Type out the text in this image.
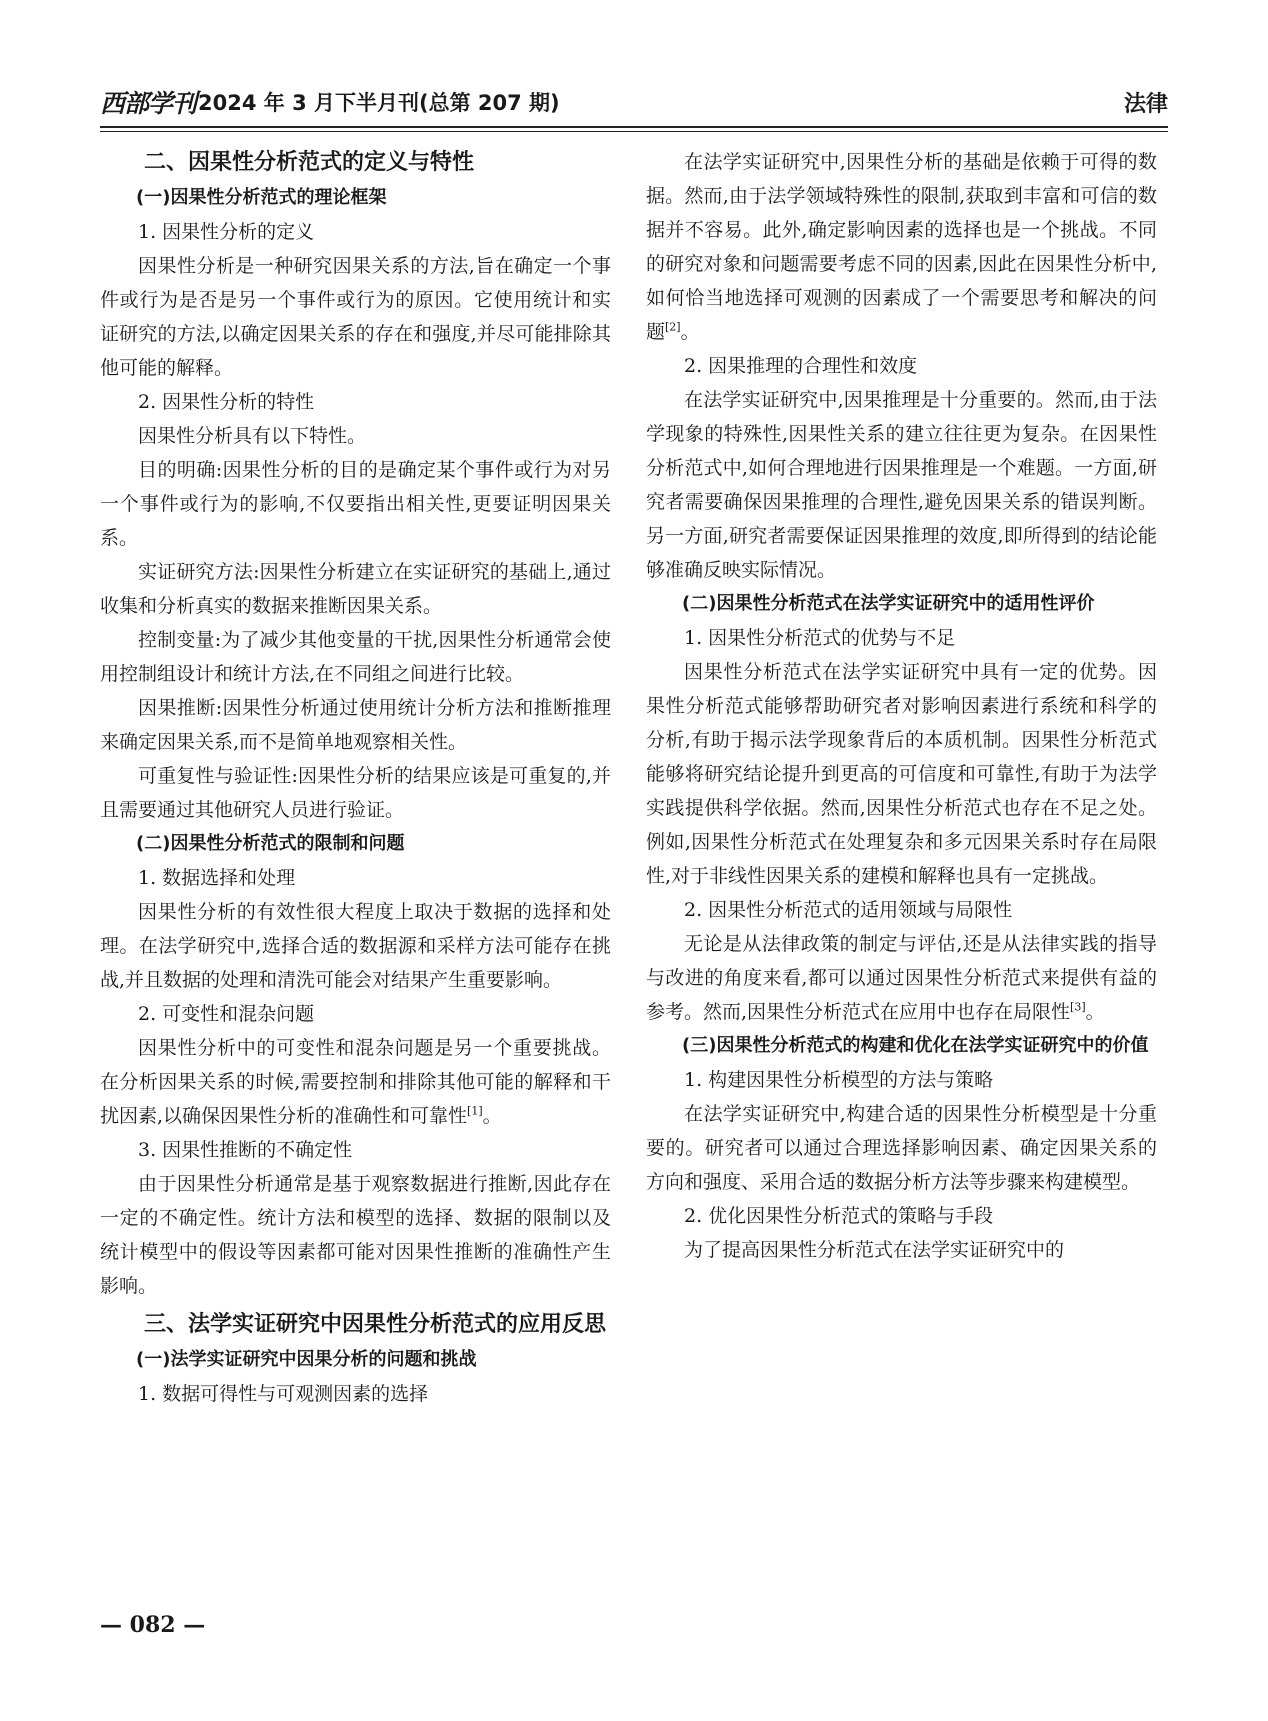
西部学刊 2024 年 3 月下半月刊(总第 207 期)	法律

二、因果性分析范式的定义与特性

(一)因果性分析范式的理论框架

1. 因果性分析的定义

因果性分析是一种研究因果关系的方法,旨在确定一个事件或行为是否是另一个事件或行为的原因。它使用统计和实证研究的方法,以确定因果关系的存在和强度,并尽可能排除其他可能的解释。

2. 因果性分析的特性

因果性分析具有以下特性。

目的明确:因果性分析的目的是确定某个事件或行为对另一个事件或行为的影响,不仅要指出相关性,更要证明因果关系。

实证研究方法:因果性分析建立在实证研究的基础上,通过收集和分析真实的数据来推断因果关系。

控制变量:为了减少其他变量的干扰,因果性分析通常会使用控制组设计和统计方法,在不同组之间进行比较。

因果推断:因果性分析通过使用统计分析方法和推断推理来确定因果关系,而不是简单地观察相关性。

可重复性与验证性:因果性分析的结果应该是可重复的,并且需要通过其他研究人员进行验证。

(二)因果性分析范式的限制和问题

1. 数据选择和处理

因果性分析的有效性很大程度上取决于数据的选择和处理。在法学研究中,选择合适的数据源和采样方法可能存在挑战,并且数据的处理和清洗可能会对结果产生重要影响。

2. 可变性和混杂问题

因果性分析中的可变性和混杂问题是另一个重要挑战。在分析因果关系的时候,需要控制和排除其他可能的解释和干扰因素,以确保因果性分析的准确性和可靠性[1]。

3. 因果性推断的不确定性

由于因果性分析通常是基于观察数据进行推断,因此存在一定的不确定性。统计方法和模型的选择、数据的限制以及统计模型中的假设等因素都可能对因果性推断的准确性产生影响。

三、法学实证研究中因果性分析范式的应用反思

(一)法学实证研究中因果分析的问题和挑战

1. 数据可得性与可观测因素的选择

在法学实证研究中,因果性分析的基础是依赖于可得的数据。然而,由于法学领域特殊性的限制,获取到丰富和可信的数据并不容易。此外,确定影响因素的选择也是一个挑战。不同的研究对象和问题需要考虑不同的因素,因此在因果性分析中,如何恰当地选择可观测的因素成了一个需要思考和解决的问题[2]。

2. 因果推理的合理性和效度

在法学实证研究中,因果推理是十分重要的。然而,由于法学现象的特殊性,因果性关系的建立往往更为复杂。在因果性分析范式中,如何合理地进行因果推理是一个难题。一方面,研究者需要确保因果推理的合理性,避免因果关系的错误判断。另一方面,研究者需要保证因果推理的效度,即所得到的结论能够准确反映实际情况。

(二)因果性分析范式在法学实证研究中的适用性评价

1. 因果性分析范式的优势与不足

因果性分析范式在法学实证研究中具有一定的优势。因果性分析范式能够帮助研究者对影响因素进行系统和科学的分析,有助于揭示法学现象背后的本质机制。因果性分析范式能够将研究结论提升到更高的可信度和可靠性,有助于为法学实践提供科学依据。然而,因果性分析范式也存在不足之处。例如,因果性分析范式在处理复杂和多元因果关系时存在局限性,对于非线性因果关系的建模和解释也具有一定挑战。

2. 因果性分析范式的适用领域与局限性

无论是从法律政策的制定与评估,还是从法律实践的指导与改进的角度来看,都可以通过因果性分析范式来提供有益的参考。然而,因果性分析范式在应用中也存在局限性[3]。

(三)因果性分析范式的构建和优化在法学实证研究中的价值

1. 构建因果性分析模型的方法与策略

在法学实证研究中,构建合适的因果性分析模型是十分重要的。研究者可以通过合理选择影响因素、确定因果关系的方向和强度、采用合适的数据分析方法等步骤来构建模型。

2. 优化因果性分析范式的策略与手段

为了提高因果性分析范式在法学实证研究中的

— 082 —
